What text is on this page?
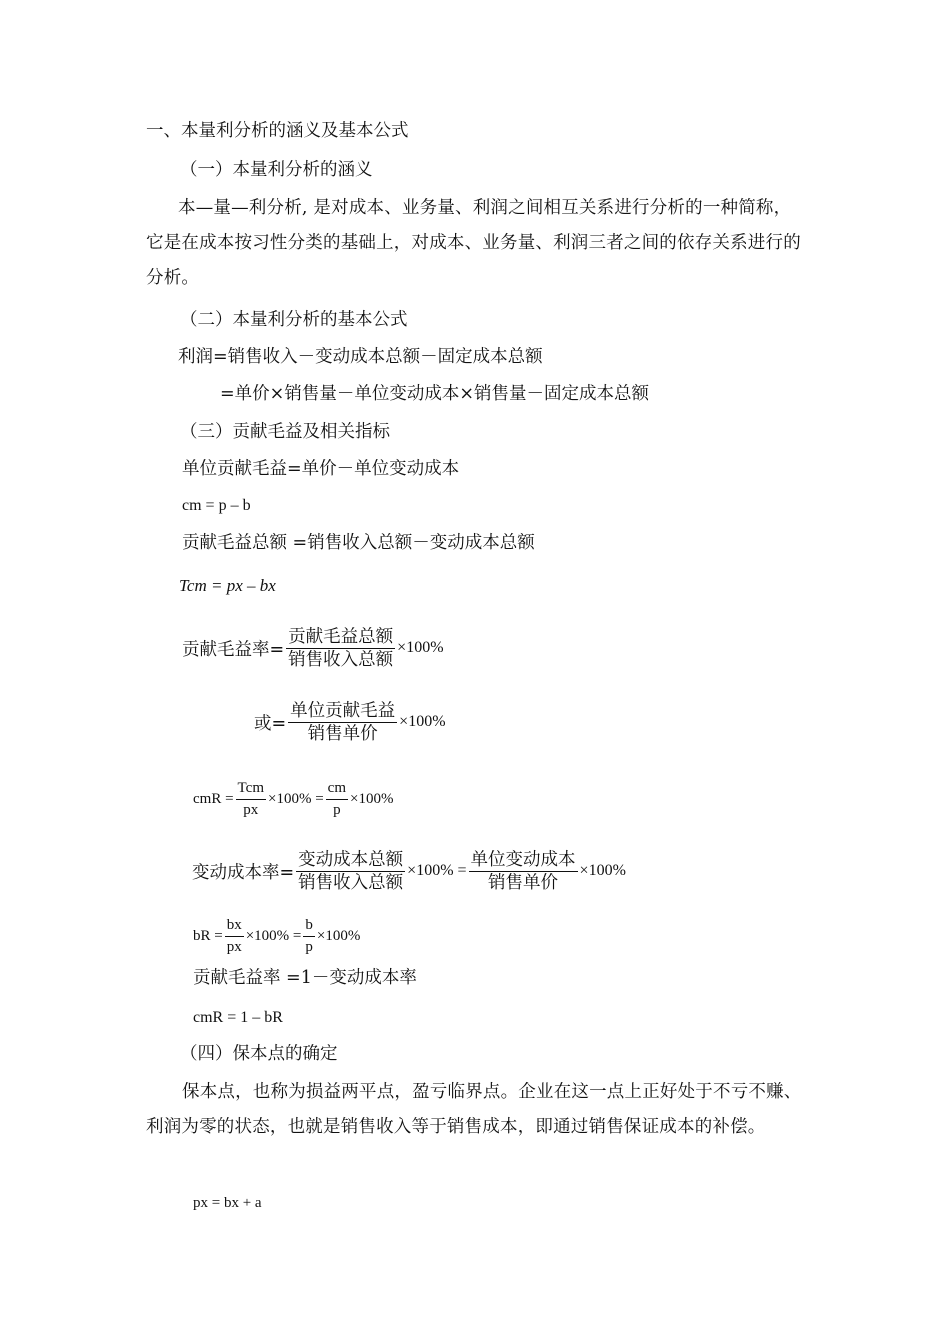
一、本量利分析的涵义及基本公式
（一）本量利分析的涵义
本—量—利分析, 是对成本、业务量、利润之间相互关系进行分析的一种简称，它是在成本按习性分类的基础上，对成本、业务量、利润三者之间的依存关系进行的分析。
（二）本量利分析的基本公式
利润=销售收入－变动成本总额－固定成本总额
=单价×销售量－单位变动成本×销售量－固定成本总额
（三）贡献毛益及相关指标
单位贡献毛益=单价－单位变动成本
cm = p – b
贡献毛益总额 =销售收入总额－变动成本总额
Tcm = px – bx
贡献毛益率= $\frac{\text{贡献毛益总额}}{\text{销售收入总额}} \times 100\%$
或= $\frac{\text{单位贡献毛益}}{\text{销售单价}} \times 100\%$
cmR = $\frac{\text{Tcm}}{px} \times 100\% = \frac{cm}{p} \times 100\%$
变动成本率= $\frac{\text{变动成本总额}}{\text{销售收入总额}} \times 100\% = \frac{\text{单位变动成本}}{\text{销售单价}} \times 100\%$
bR = $\frac{bx}{px} \times 100\% = \frac{b}{p} \times 100\%$
贡献毛益率 =1－变动成本率
cmR = 1 – bR
（四）保本点的确定
保本点，也称为损益两平点，盈亏临界点。企业在这一点上正好处于不亏不赚、利润为零的状态，也就是销售收入等于销售成本，即通过销售保证成本的补偿。
px = bx + a
